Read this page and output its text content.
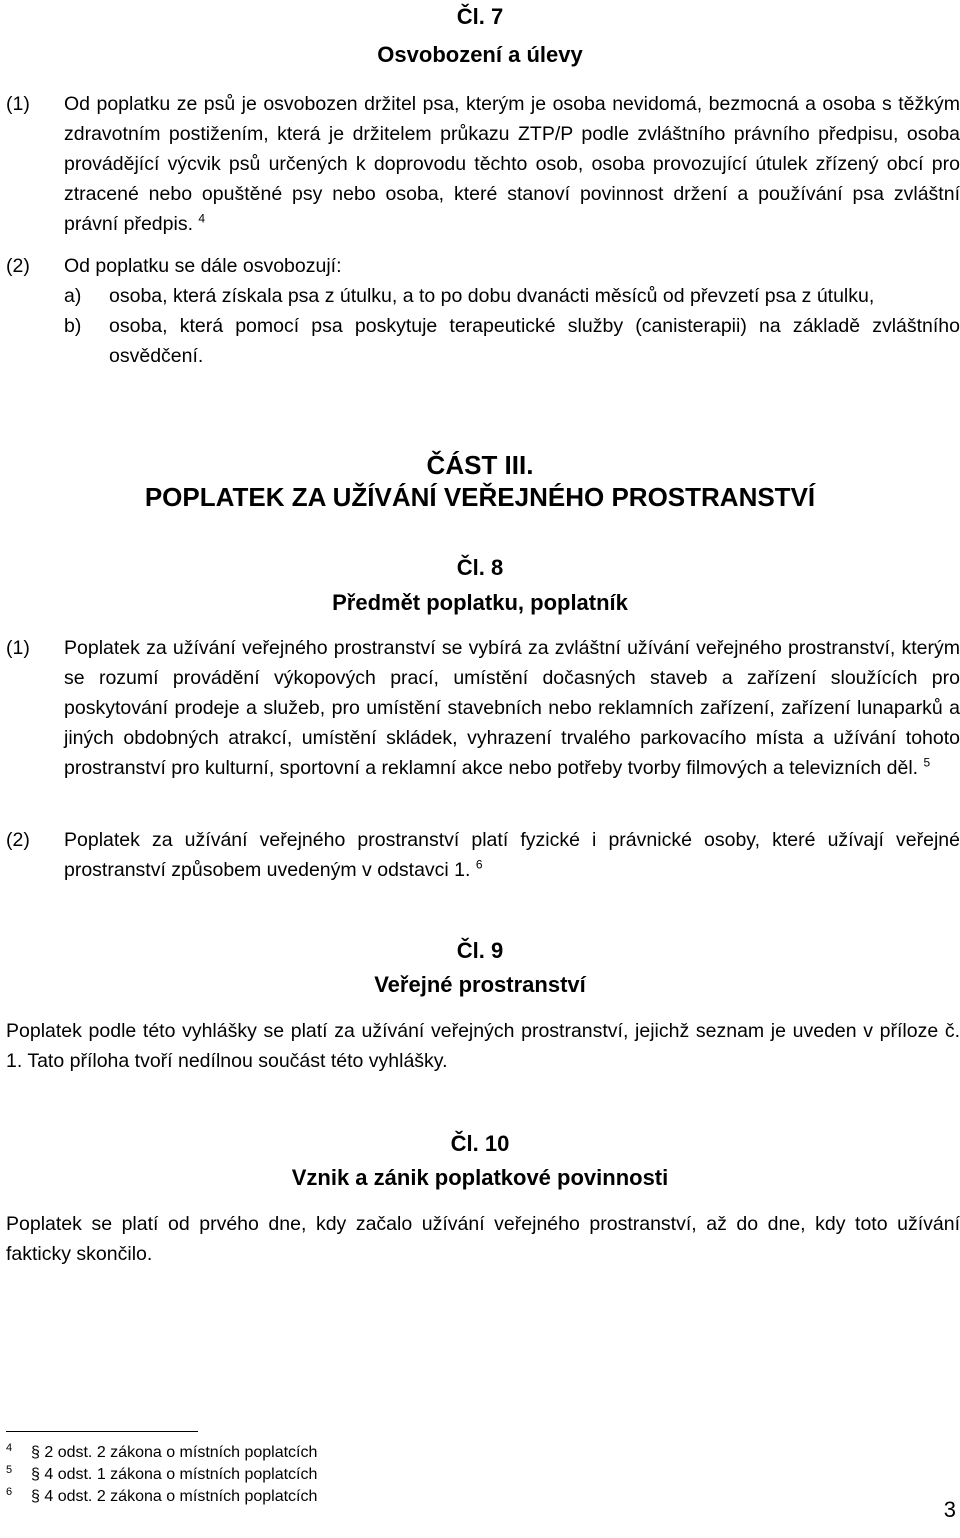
Čl. 7
Osvobození a úlevy
(1) Od poplatku ze psů je osvobozen držitel psa, kterým je osoba nevidomá, bezmocná a osoba s těžkým zdravotním postižením, která je držitelem průkazu ZTP/P podle zvláštního právního předpisu, osoba provádějící výcvik psů určených k doprovodu těchto osob, osoba provozující útulek zřízený obcí pro ztracené nebo opuštěné psy nebo osoba, které stanoví povinnost držení a používání psa zvláštní právní předpis. $^4$
(2) Od poplatku se dále osvobozují:
a) osoba, která získala psa z útulku, a to po dobu dvanácti měsíců od převzetí psa z útulku,
b) osoba, která pomocí psa poskytuje terapeutické služby (canisterapii) na základě zvláštního osvědčení.
ČÁST III.
POPLATEK ZA UŽÍVÁNÍ VEŘEJNÉHO PROSTRANSTVÍ
Čl. 8
Předmět poplatku, poplatník
(1) Poplatek za užívání veřejného prostranství se vybírá za zvláštní užívání veřejného prostranství, kterým se rozumí provádění výkopových prací, umístění dočasných staveb a zařízení sloužících pro poskytování prodeje a služeb, pro umístění stavebních nebo reklamních zařízení, zařízení lunaparků a jiných obdobných atrakcí, umístění skládek, vyhrazení trvalého parkovacího místa a užívání tohoto prostranství pro kulturní, sportovní a reklamní akce nebo potřeby tvorby filmových a televizních děl. $^5$
(2) Poplatek za užívání veřejného prostranství platí fyzické i právnické osoby, které užívají veřejné prostranství způsobem uvedeným v odstavci 1. $^6$
Čl. 9
Veřejné prostranství
Poplatek podle této vyhlášky se platí za užívání veřejných prostranství, jejichž seznam je uveden v příloze č. 1. Tato příloha tvoří nedílnou součást této vyhlášky.
Čl. 10
Vznik a zánik poplatkové povinnosti
Poplatek se platí od prvého dne, kdy začalo užívání veřejného prostranství, až do dne, kdy toto užívání fakticky skončilo.
4 § 2 odst. 2 zákona o místních poplatcích
5 § 4 odst. 1 zákona o místních poplatcích
6 § 4 odst. 2 zákona o místních poplatcích
3
